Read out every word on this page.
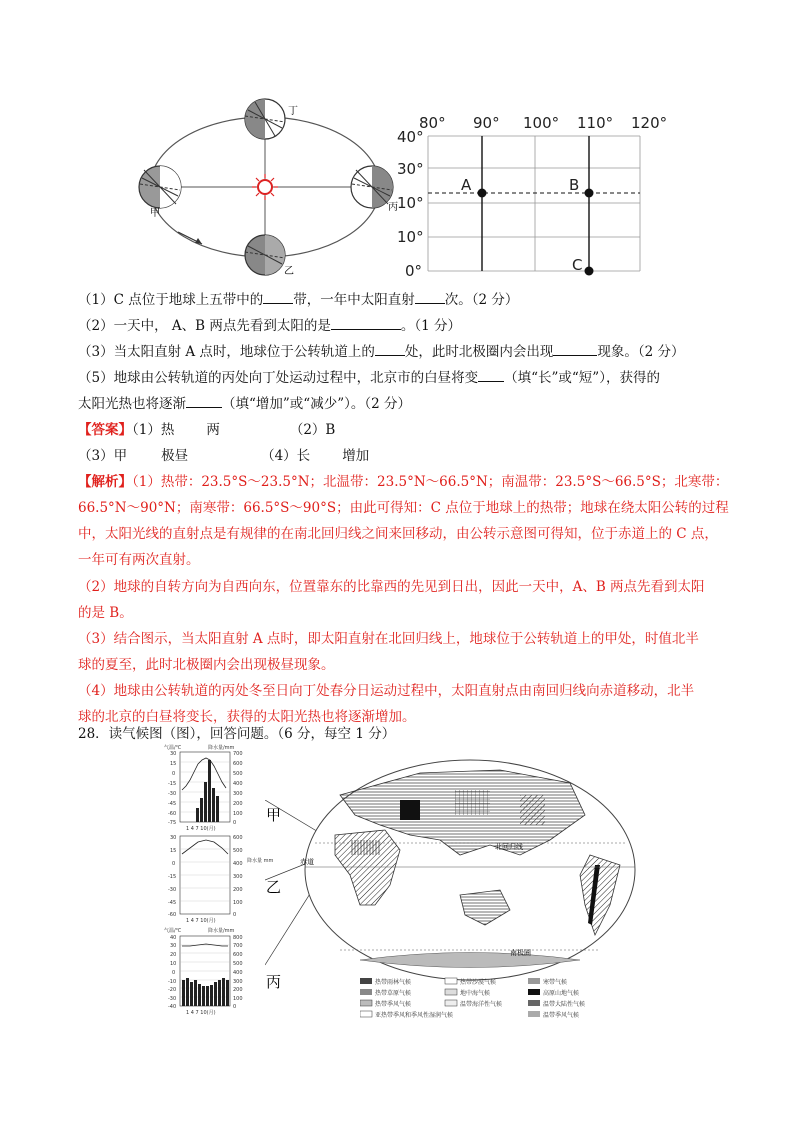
丁
丙
甲
乙
80° 90° 100° 110° 120°
40°
30°
10°
10°
0°
A	B
C
（1）C 点位于地球上五带中的 带，一年中太阳直射 次。（2 分）
（2）一天中， A、B 两点先看到太阳的是	。（1 分）
（3）当太阳直射 A 点时，地球位于公转轨道上的 处，此时北极圈内会出现	现象。（2 分）
（5）地球由公转轨道的丙处向丁处运动过程中，北京市的白昼将变 （填“长”或“短”），获得的
太阳光热也将逐渐	（填“增加”或“减少”）。（2 分）
【答案】（1）热 两	（2）B
（3）甲	极昼	（4）长 增加
【解析】（1）热带：23.5°S～23.5°N；北温带：23.5°N～66.5°N；南温带：23.5°S～66.5°S；北寒带：
66.5°N～90°N；南寒带：66.5°S～90°S；由此可得知：C 点位于地球上的热带；地球在绕太阳公转的过程
中，太阳光线的直射点是有规律的在南北回归线之间来回移动，由公转示意图可得知，位于赤道上的 C 点，
一年可有两次直射。
（2）地球的自转方向为自西向东，位置靠东的比靠西的先见到日出，因此一天中，A、B 两点先看到太阳
的是 B。
（3）结合图示，当太阳直射 A 点时，即太阳直射在北回归线上，地球位于公转轨道上的甲处，时值北半
球的夏至，此时北极圈内会出现极昼现象。
（4）地球由公转轨道的丙处冬至日向丁处春分日运动过程中，太阳直射点由南回归线向赤道移动，北半
球的北京的白昼将变长，获得的太阳光热也将逐渐增加。
28．读气候图（图），回答问题。（6 分，每空 1 分）
气温/℃	降水量/mm
30
15
0
-15
-30
-45
-60
-75
700
600
500
400
300
200
100
0
1 4 7 10(月)
30
15
0
-15
-30
-45
-60
600
500
400
300
200
100
0
降水量 mm
1 4 7 10(月)
气温/℃	降水量/mm
40
30
20
10
0
-10
-20
-30
-40
800
700
600
500
400
300
200
100
0
1 4 7 10(月)
甲
乙
丙
赤道
北回归线
南极圈
热带雨林气候	热带沙漠气候	寒带气候
热带草原气候	地中海气候	高原山地气候
热带季风气候	温带海洋性气候	温带大陆性气候
亚热带季风和季风性湿润气候	温带季风气候
